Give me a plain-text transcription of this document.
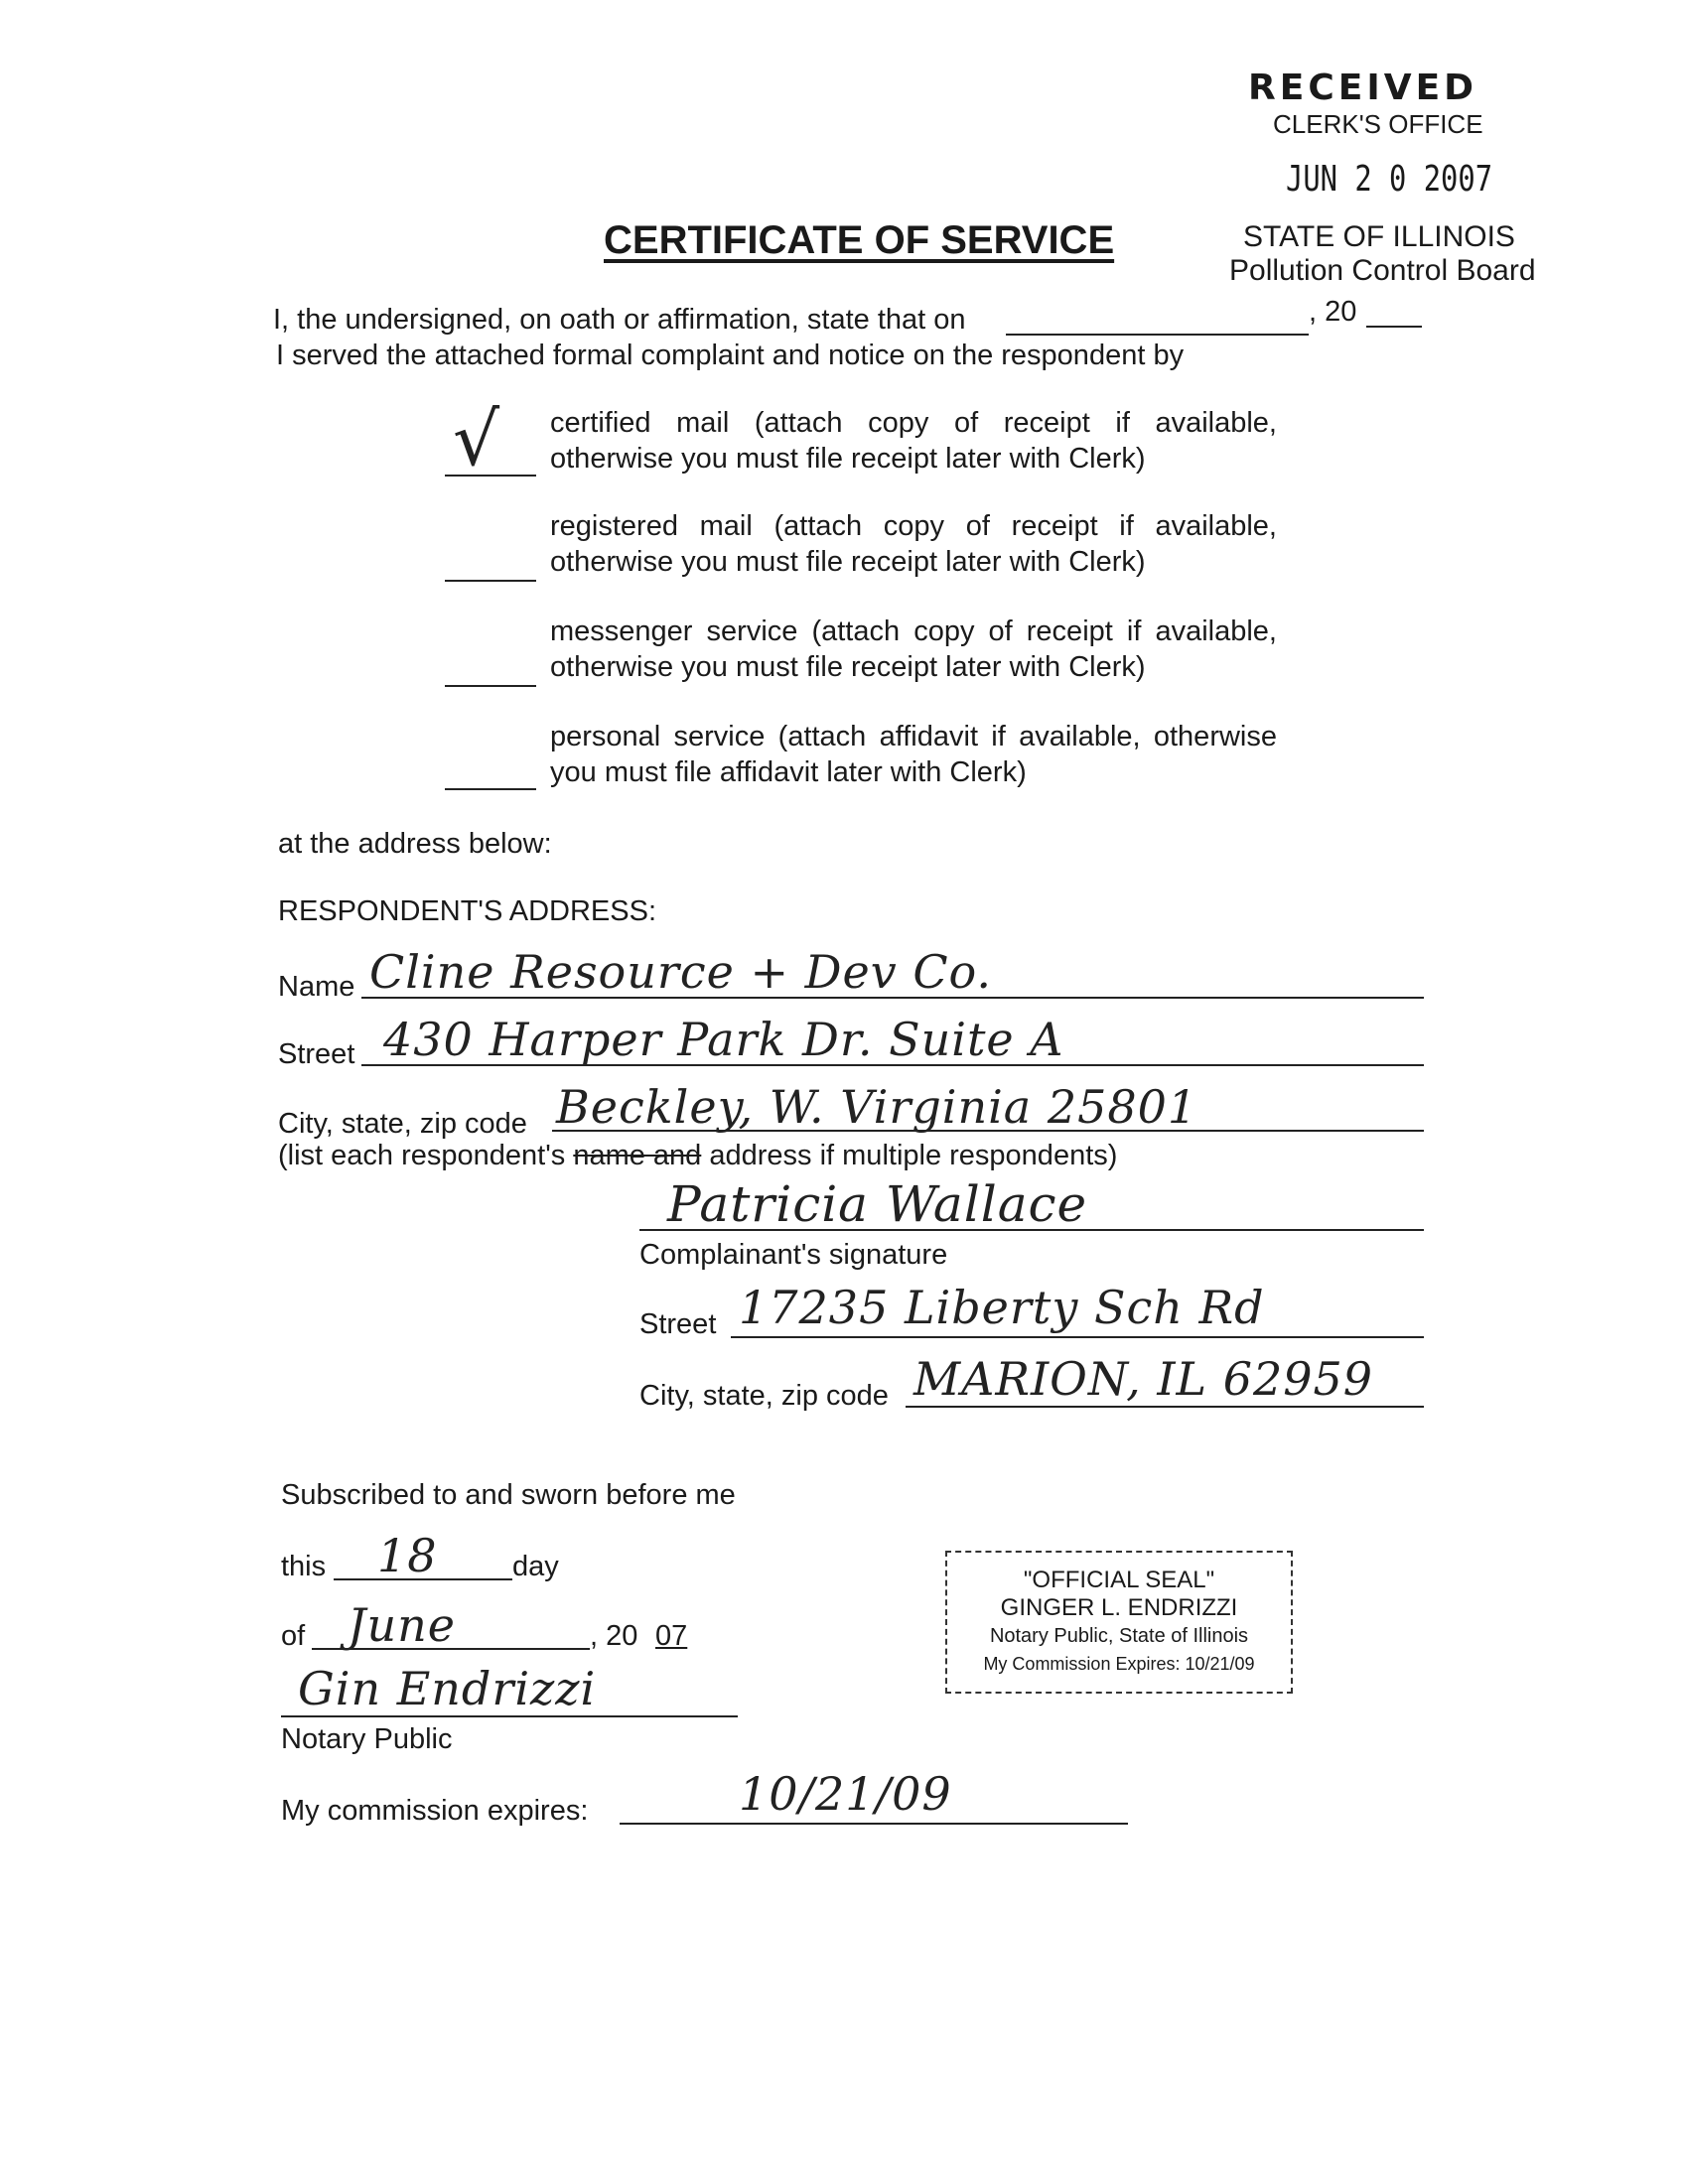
RECEIVED
CLERK'S OFFICE
JUN 2 0 2007
STATE OF ILLINOIS
Pollution Control Board
CERTIFICATE OF SERVICE
I, the undersigned, on oath or affirmation, state that on	, 20
I served the attached formal complaint and notice on the respondent by
√ certified mail (attach copy of receipt if available, otherwise you must file receipt later with Clerk)
registered mail (attach copy of receipt if available, otherwise you must file receipt later with Clerk)
messenger service (attach copy of receipt if available, otherwise you must file receipt later with Clerk)
personal service (attach affidavit if available, otherwise you must file affidavit later with Clerk)
at the address below:
RESPONDENT'S ADDRESS:
Name Cline Resource + Dev Co.
Street 430 Harper Park Dr. Suite A
City, state, zip code Beckley, W. Virginia 25801
(list each respondent's name and address if multiple respondents)
Patricia Wallace
Complainant's signature
Street 17235 Liberty Sch Rd
City, state, zip code MARION, IL 62959
Subscribed to and sworn before me
this 18	day
of June	, 20 07
Gin Endrizzi
Notary Public
My commission expires:	10/21/09
"OFFICIAL SEAL"
GINGER L. ENDRIZZI
Notary Public, State of Illinois
My Commission Expires: 10/21/09
